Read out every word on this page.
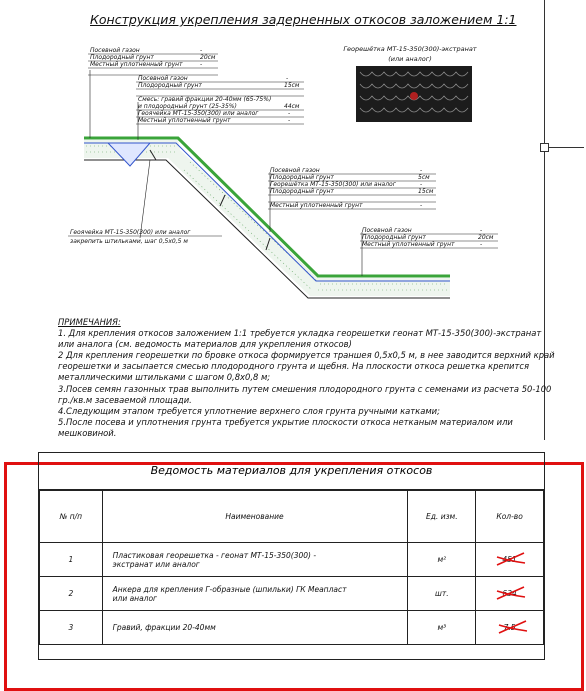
Конструкция укрепления задерненных откосов заложением 1:1
Посевной газон	-
Плодородный грунт	20см
Местный уплотненный грунт	-
Посевной газон	-
Плодородный грунт	15см
Смесь: гравий фракции 20-40мм (65-75%)
и плодородный грунт (25-35%)	44см
Геоячейка МТ-15-350(300) или аналог	-
Местный уплотненный грунт	-
Посевной газон	-
Плодородный грунт	5см
Георешётка МТ-15-350(300) или аналог	-
Плодородный грунт	15см
Местный уплотненный грунт	-
Посевной газон	-
Плодородный грунт	20см
Местный уплотненный грунт	-
Геоячейка МТ-15-350(300) или аналог
закрепить штильками, шаг 0,5х0,5 м
Георешётка МТ-15-350(300)-экстранат
(или аналог)

ПРИМЕЧАНИЯ:

1. Для крепления откосов заложением 1:1 требуется укладка георешетки геонат МТ-15-350(300)-экстранат или аналога (см. ведомость материалов для укрепления откосов)

2 Для крепления георешетки по бровке откоса формируется траншея 0,5х0,5 м, в нее заводится верхний край георешетки и засыпается смесью плодородного грунта и щебня. На плоскости откоса решетка крепится металлическими штильками с шагом 0,8х0,8 м;

3.Посев семян газонных трав выполнить путем смешения плодородного грунта с семенами из расчета 50-100 гр./кв.м засеваемой площади.

4.Следующим этапом требуется уплотнение верхнего слоя грунта ручными катками;

5.После посева и уплотнения грунта требуется укрытие плоскости откоса нетканым материалом или мешковиной.

Ведомость материалов для укрепления откосов
№ п/п	Наименование	Ед. изм.	Кол-во
1	Пластиковая георешетка - геонат МТ-15-350(300) -
экстранат или аналог	м²	451

2	Анкера для крепления Г-образные (шпильки) ГК Меапласт
или аналог	шт.	634

3	Гравий, фракции 20-40мм	м³	7.5
